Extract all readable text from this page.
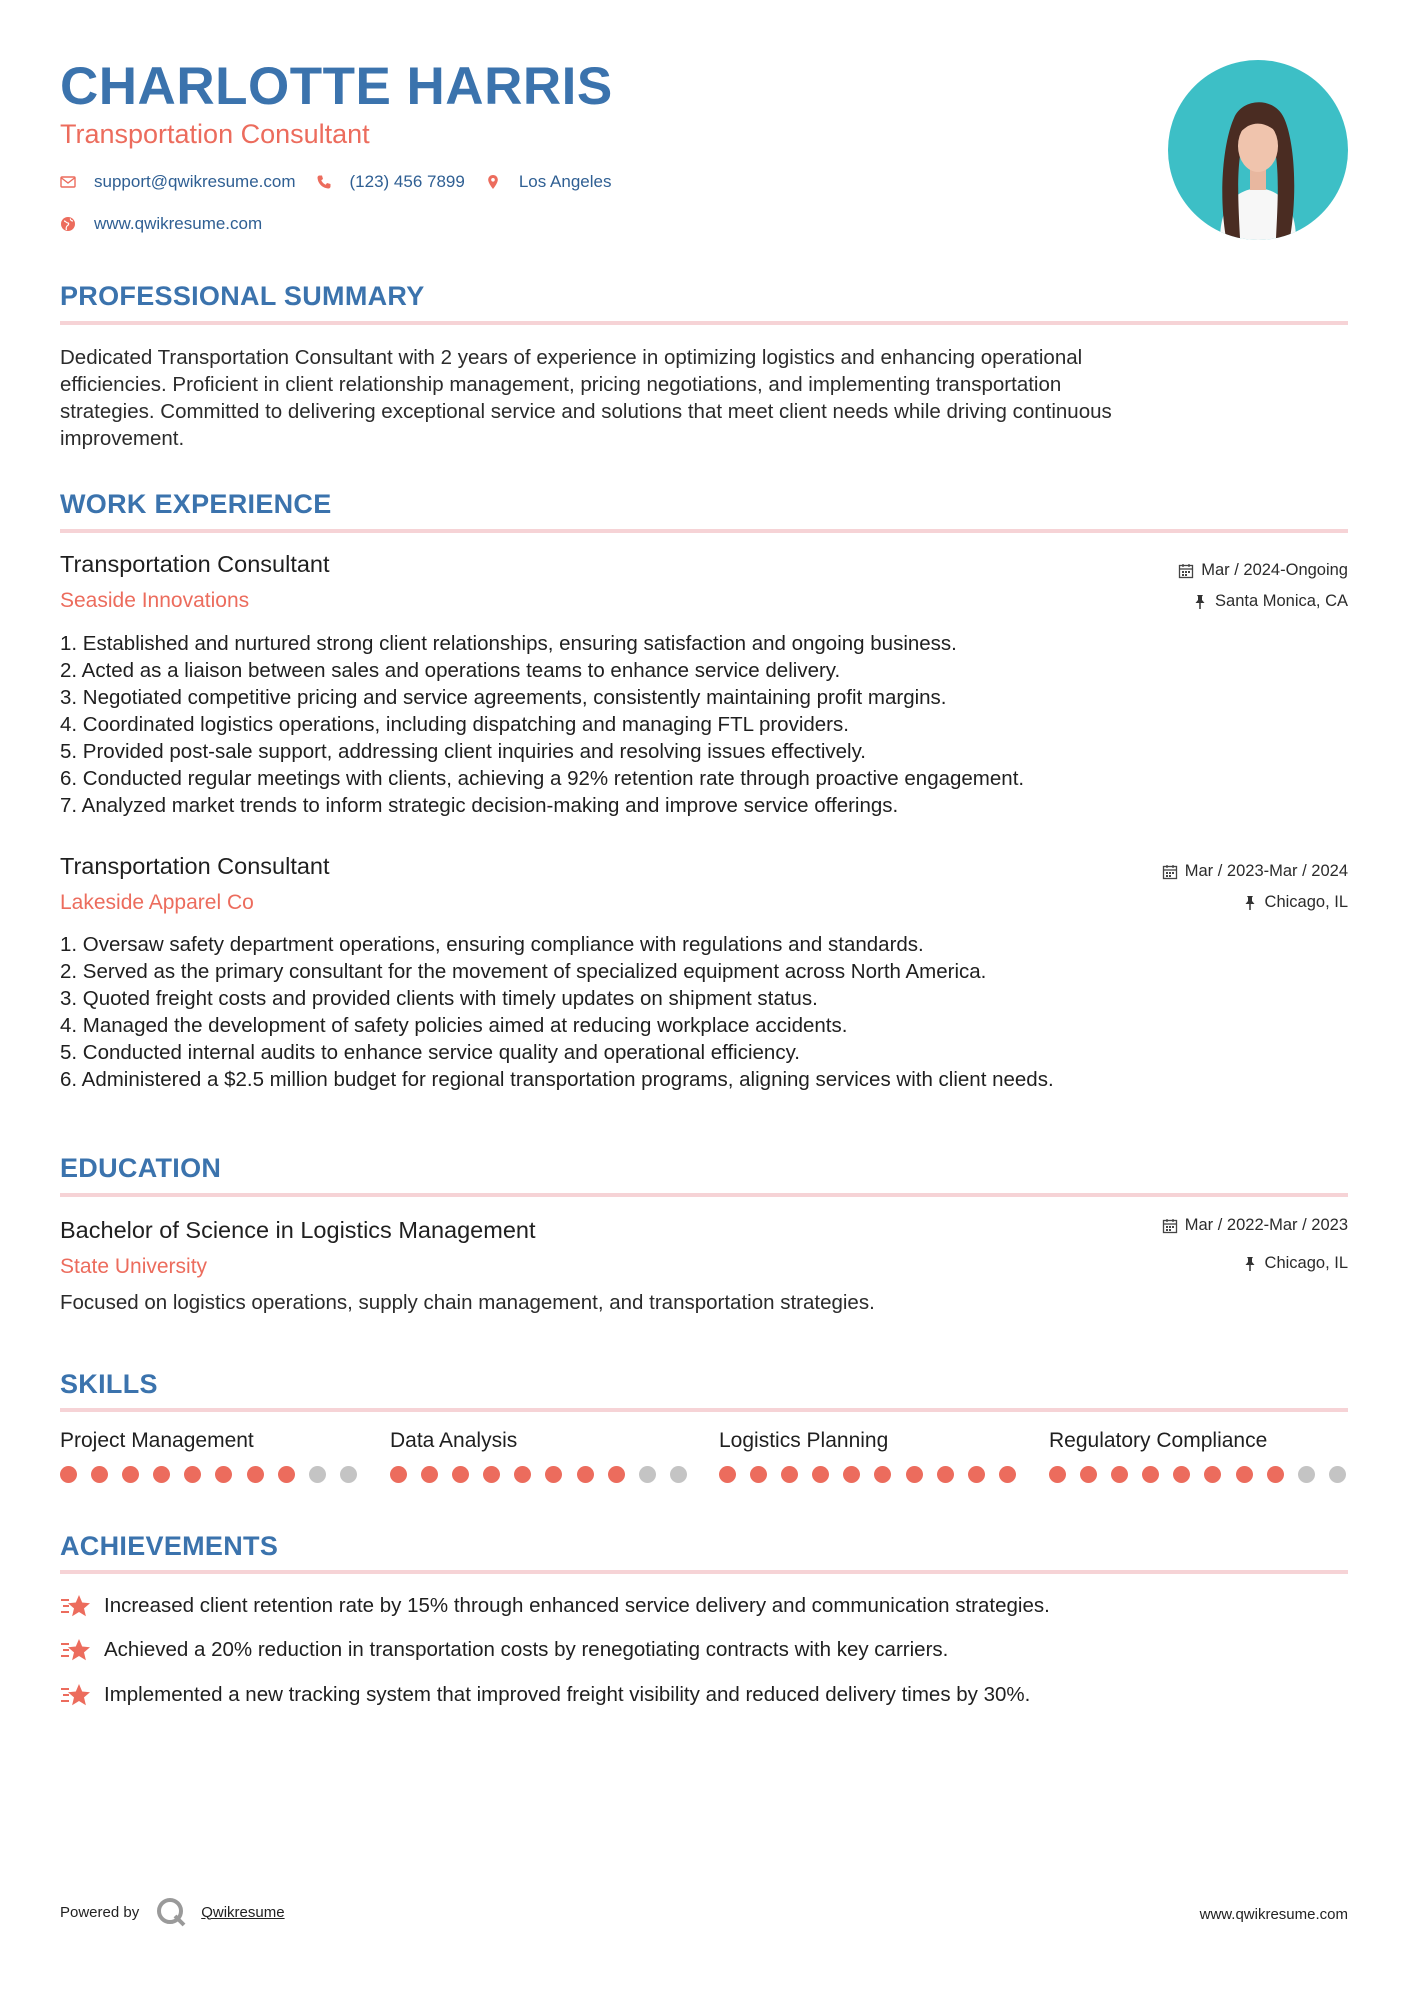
CHARLOTTE HARRIS

Transportation Consultant

support@qwikresume.com	(123) 456 7899	Los Angeles
www.qwikresume.com
PROFESSIONAL SUMMARY
Dedicated Transportation Consultant with 2 years of experience in optimizing logistics and enhancing operational
efficiencies. Proficient in client relationship management, pricing negotiations, and implementing transportation
strategies. Committed to delivering exceptional service and solutions that meet client needs while driving continuous
improvement.
WORK EXPERIENCE

Transportation Consultant

Seaside Innovations

Mar / 2024-Ongoing
Santa Monica, CA
1. Established and nurtured strong client relationships, ensuring satisfaction and ongoing business.
2. Acted as a liaison between sales and operations teams to enhance service delivery.
3. Negotiated competitive pricing and service agreements, consistently maintaining profit margins.
4. Coordinated logistics operations, including dispatching and managing FTL providers.
5. Provided post-sale support, addressing client inquiries and resolving issues effectively.
6. Conducted regular meetings with clients, achieving a 92% retention rate through proactive engagement.
7. Analyzed market trends to inform strategic decision-making and improve service offerings.

Transportation Consultant

Lakeside Apparel Co

Mar / 2023-Mar / 2024
Chicago, IL
1. Oversaw safety department operations, ensuring compliance with regulations and standards.
2. Served as the primary consultant for the movement of specialized equipment across North America.
3. Quoted freight costs and provided clients with timely updates on shipment status.
4. Managed the development of safety policies aimed at reducing workplace accidents.
5. Conducted internal audits to enhance service quality and operational efficiency.
6. Administered a $2.5 million budget for regional transportation programs, aligning services with client needs.
EDUCATION

Bachelor of Science in Logistics Management

State University

Mar / 2022-Mar / 2023
Chicago, IL

Focused on logistics operations, supply chain management, and transportation strategies.

SKILLS

Project Management	Data Analysis	Logistics Planning	Regulatory Compliance

ACHIEVEMENTS
Increased client retention rate by 15% through enhanced service delivery and communication strategies.
Achieved a 20% reduction in transportation costs by renegotiating contracts with key carriers.
Implemented a new tracking system that improved freight visibility and reduced delivery times by 30%.
Powered by	Qwikresume	www.qwikresume.com
